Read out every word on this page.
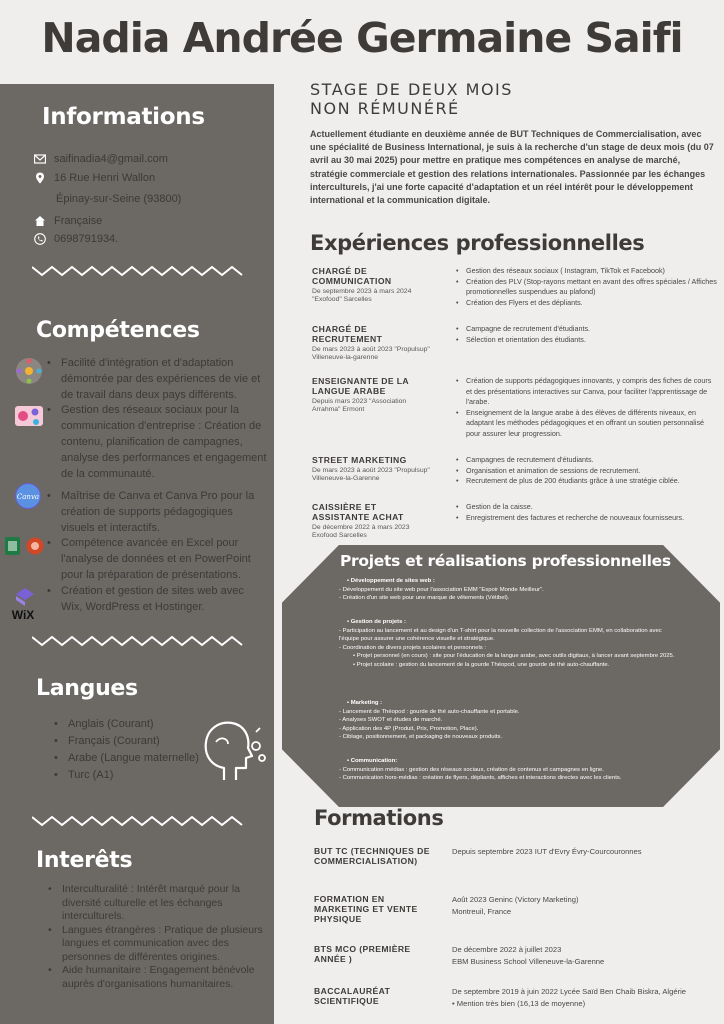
Nadia Andrée Germaine Saifi
Informations
saifinadia4@gmail.com
16 Rue Henri Wallon
Épinay-sur-Seine (93800)
Française
0698791934.
Compétences
Canva
WiX
• Facilité d'intégration et d'adaptation démontrée par des expériences de vie et de travail dans deux pays différents.
• Gestion des réseaux sociaux pour la communication d'entreprise : Création de contenu, planification de campagnes, analyse des performances et engagement de la communauté.
• Maîtrise de Canva et Canva Pro pour la création de supports pédagogiques visuels et interactifs.
• Compétence avancée en Excel pour l'analyse de données et en PowerPoint pour la préparation de présentations.
• Création et gestion de sites web avec Wix, WordPress et Hostinger.
Langues
• Anglais (Courant)
• Français (Courant)
• Arabe (Langue maternelle)
• Turc (A1)
Interêts
• Interculturalité : Intérêt marqué pour la diversité culturelle et les échanges interculturels.
• Langues étrangères : Pratique de plusieurs langues et communication avec des personnes de différentes origines.
• Aide humanitaire : Engagement bénévole auprès d'organisations humanitaires.
STAGE DE DEUX MOIS
NON RÉMUNÉRÉ

Actuellement étudiante en deuxième année de BUT Techniques de Commercialisation, avec une spécialité de Business International, je suis à la recherche d'un stage de deux mois (du 07 avril au 30 mai 2025) pour mettre en pratique mes compétences en analyse de marché, stratégie commerciale et gestion des relations internationales. Passionnée par les échanges interculturels, j'ai une forte capacité d'adaptation et un réel intérêt pour le développement international et la communication digitale.

Expériences professionnelles
CHARGÉ DE COMMUNICATION
De septembre 2023 à mars 2024 "Exofood" Sarcelles
• Gestion des réseaux sociaux ( Instagram, TikTok et Facebook)
• Création des PLV (Stop-rayons mettant en avant des offres spéciales / Affiches promotionnelles suspendues au plafond)
• Création des Flyers et des dépliants.
CHARGÉ DE RECRUTEMENT
De mars 2023 à août 2023 "Propulsup" Villeneuve-la-garenne
• Campagne de recrutement d'étudiants.
• Sélection et orientation des étudiants.
ENSEIGNANTE DE LA LANGUE ARABE
Depuis mars 2023 "Association Arrahma" Ermont
• Création de supports pédagogiques innovants, y compris des fiches de cours et des présentations interactives sur Canva, pour faciliter l'apprentissage de l'arabe.
• Enseignement de la langue arabe à des élèves de différents niveaux, en adaptant les méthodes pédagogiques et en offrant un soutien personnalisé pour assurer leur progression.
STREET MARKETING
De mars 2023 à août 2023 "Propulsup" Villeneuve-la-Garenne
• Campagnes de recrutement d'étudiants.
• Organisation et animation de sessions de recrutement.
• Recrutement de plus de 200 étudiants grâce à une stratégie ciblée.
CAISSIÈRE ET ASSISTANTE ACHAT
De décembre 2022 à mars 2023 Exofood Sarcelles
• Gestion de la caisse.
• Enregistrement des factures et recherche de nouveaux fournisseurs.
Projets et réalisations professionnelles
• Développement de sites web :
- Développement du site web pour l'association EMM "Espoir Monde Meilleur".
- Création d'un site web pour une marque de vêtements (Vétibel).
• Gestion de projets :
- Participation au lancement et au design d'un T-shirt pour la nouvelle collection de l'association EMM, en collaboration avec l'équipe pour assurer une cohérence visuelle et stratégique.
- Coordination de divers projets scolaires et personnels :
• Projet personnel (en cours) : site pour l'éducation de la langue arabe, avec outils digitaux, à lancer avant septembre 2025.
• Projet scolaire : gestion du lancement de la gourde Théopod, une gourde de thé auto-chauffante.
• Marketing :
- Lancement de Théopod : gourde de thé auto-chauffante et portable.
- Analyses SWOT et études de marché.
- Application des 4P (Produit, Prix, Promotion, Place).
- Ciblage, positionnement, et packaging de nouveaux produits.
• Communication:
- Communication médias : gestion des réseaux sociaux, création de contenus et campagnes en ligne.
- Communication hors-médias : création de flyers, dépliants, affiches et interactions directes avec les clients.
Formations
BUT TC (TECHNIQUES DE COMMERCIALISATION)
Depuis septembre 2023 IUT d'Evry Évry-Courcouronnes
FORMATION EN MARKETING ET VENTE PHYSIQUE
Août 2023 Geninc (Victory Marketing)
Montreuil, France
BTS MCO (PREMIÈRE ANNÉE )
De décembre 2022 à juillet 2023
EBM Business School Villeneuve-la-Garenne
BACCALAURÉAT SCIENTIFIQUE
De septembre 2019 à juin 2022 Lycée Saïd Ben Chaib Biskra, Algérie
• Mention très bien (16,13 de moyenne)
